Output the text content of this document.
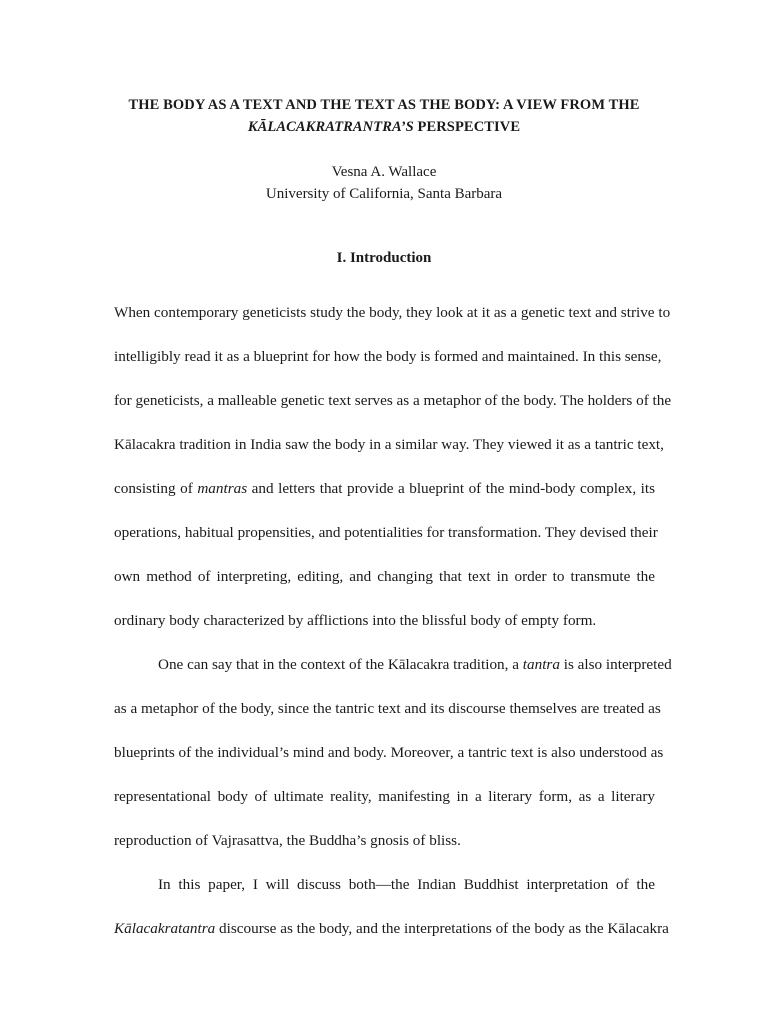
THE BODY AS A TEXT AND THE TEXT AS THE BODY: A VIEW FROM THE
KĀLACAKRATRANTRA’S PERSPECTIVE
Vesna A. Wallace
University of California, Santa Barbara
I. Introduction
When contemporary geneticists study the body, they look at it as a genetic text and strive to
intelligibly read it as a blueprint for how the body is formed and maintained. In this sense,
for geneticists, a malleable genetic text serves as a metaphor of the body. The holders of the
Kālacakra tradition in India saw the body in a similar way. They viewed it as a tantric text,
consisting of mantras and letters that provide a blueprint of the mind-body complex, its
operations, habitual propensities, and potentialities for transformation. They devised their
own method of interpreting, editing, and changing that text in order to transmute the
ordinary body characterized by afflictions into the blissful body of empty form.
One can say that in the context of the Kālacakra tradition, a tantra is also interpreted
as a metaphor of the body, since the tantric text and its discourse themselves are treated as
blueprints of the individual’s mind and body. Moreover, a tantric text is also understood as
representational body of ultimate reality, manifesting in a literary form, as a literary
reproduction of Vajrasattva, the Buddha’s gnosis of bliss.
In this paper, I will discuss both—the Indian Buddhist interpretation of the
Kālacakratantra discourse as the body, and the interpretations of the body as the Kālacakra
